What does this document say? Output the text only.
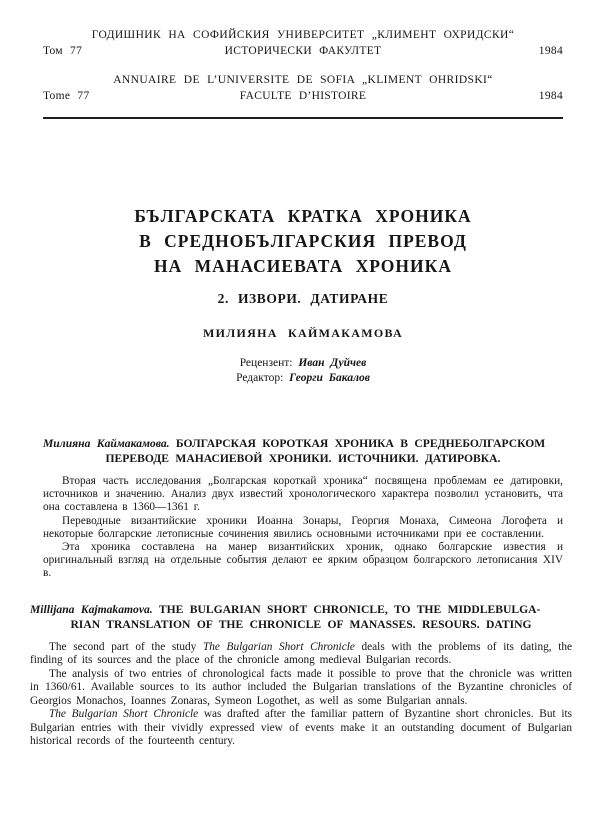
ГОДИШНИК НА СОФИЙСКИЯ УНИВЕРСИТЕТ „КЛИМЕНТ ОХРИДСКИ“
Том 77	ИСТОРИЧЕСКИ ФАКУЛТЕТ	1984
ANNUAIRE DE L’UNIVERSITE DE SOFIA „KLIMENT OHRIDSKI“
Tome 77	FACULTE D’HISTOIRE	1984
БЪЛГАРСКАТА КРАТКА ХРОНИКА
В СРЕДНОБЪЛГАРСКИЯ ПРЕВОД
НА МАНАСИЕВАТА ХРОНИКА
2. ИЗВОРИ. ДАТИРАНЕ
МИЛИЯНА КАЙМАКАМОВА
Рецензент: Иван Дуйчев
Редактор: Георги Бакалов
Милияна Каймакамова. БОЛГАРСКАЯ КОРОТКАЯ ХРОНИКА В СРЕДНЕБОЛГАРСКОМ
ПЕРЕВОДЕ МАНАСИЕВОЙ ХРОНИКИ. ИСТОЧНИКИ. ДАТИРОВКА.

Вторая часть исследования „Болгарская короткай хроника“ посвящена проблемам ее датировки, источников и значению. Анализ двух известий хронологического характера позволил установить, чта она составлена в 1360—1361 г.

Переводные византийские хроники Иоанна Зонары, Георгия Монаха, Симеона Логофета и некоторые болгарские летописные сочинения явились основными источниками при ее составлении.

Эта хроника составлена на манер византийских хроник, однако болгарские известия и оригинальный взгляд на отдельные события делают ее ярким образцом болгарского летописания XIV в.

Millijana Kajmakamova. THE BULGARIAN SHORT CHRONICLE, TO THE MIDDLEBULGA-
RIAN TRANSLATION OF THE CHRONICLE OF MANASSES. RESOURS. DATING

The second part of the study The Bulgarian Short Chronicle deals with the problems of its dating, the finding of its sources and the place of the chronicle among medieval Bulgarian records.

The analysis of two entries of chronological facts made it possible to prove that the chronicle was written in 1360/61. Available sources to its author included the Bulgarian translations of the Byzantine chronicles of Georgios Monachos, Ioannes Zonaras, Symeon Logothet, as well as some Bulgarian annals.

The Bulgarian Short Chronicle was drafted after the familiar pattern of Byzantine short chronicles. But its Bulgarian entries with their vividly expressed view of events make it an outstanding document of Bulgarian historical records of the fourteenth century.
